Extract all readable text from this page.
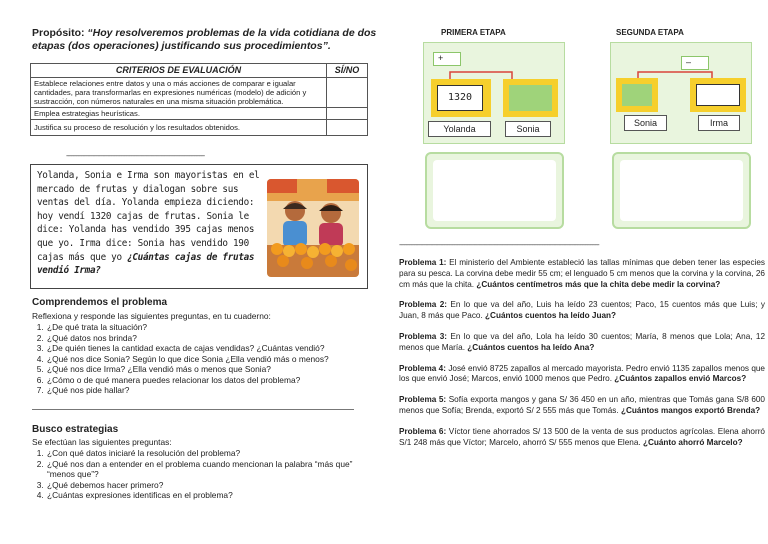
Propósito: “Hoy resolveremos problemas de la vida cotidiana de dos etapas (dos operaciones) justificando sus procedimientos”.
CRITERIOS DE EVALUACIÓN	SÍ/NO
Establece relaciones entre datos y una o más acciones de comparar e igualar cantidades, para transformarlas en expresiones numéricas (modelo) de adición y sustracción, con números naturales en una misma situación problemática.	
Emplea estrategias heurísticas.	
Justifica su proceso de resolución y los resultados obtenidos.	
-----------------------------------------------------------------------------------
Yolanda, Sonia e Irma son mayoristas en el mercado de frutas y dialogan sobre sus ventas del día. Yolanda empieza diciendo: hoy vendí 1320 cajas de frutas. Sonia le dice: Yolanda has vendido 395 cajas menos que yo. Irma dice: Sonia has vendido 190 cajas más que yo ¿Cuántas cajas de frutas vendió Irma?
Comprendemos el problema
Reflexiona y responde las siguientes preguntas, en tu cuaderno:
1. ¿De qué trata la situación?
2. ¿Qué datos nos brinda?
3. ¿De quién tienes la cantidad exacta de cajas vendidas? ¿Cuántas vendió?
4. ¿Qué nos dice Sonia? Según lo que dice Sonia ¿Ella vendió más o menos?
5. ¿Qué nos dice Irma? ¿Ella vendió más o menos que Sonia?
6. ¿Cómo o de qué manera puedes relacionar los datos del problema?
7. ¿Qué nos pide hallar?
Busco estrategias
Se efectúan las siguientes preguntas:
1. ¿Con qué datos iniciaré la resolución del problema?
2. ¿Qué nos dan a entender en el problema cuando mencionan la palabra “más que” “menos que”?
3. ¿Qué debemos hacer primero?
4. ¿Cuántas expresiones identificas en el problema?
PRIMERA ETAPA	SEGUNDA ETAPA
+
1320
Yolanda	Sonia
–
Sonia	Irma
------------------------------------------------------------------------------------------------------------------------

Problema 1: El ministerio del Ambiente estableció las tallas mínimas que deben tener las especies para su pesca. La corvina debe medir 55 cm; el lenguado 5 cm menos que la corvina y la corvina, 26 cm más que la chita. ¿Cuántos centímetros más que la chita debe medir la corvina?

Problema 2: En lo que va del año, Luis ha leído 23 cuentos; Paco, 15 cuentos más que Luis; y Juan, 8 más que Paco. ¿Cuántos cuentos ha leído Juan?

Problema 3: En lo que va del año, Lola ha leído 30 cuentos; María, 8 menos que Lola; Ana, 12 menos que María. ¿Cuántos cuentos ha leído Ana?

Problema 4: José envió 8725 zapallos al mercado mayorista. Pedro envió 1135 zapallos menos que los que envió José; Marcos, envió 1000 menos que Pedro. ¿Cuántos zapallos envió Marcos?

Problema 5: Sofía exporta mangos y gana S/ 36 450 en un año, mientras que Tomás gana S/8 600 menos que Sofía; Brenda, exportó S/ 2 555 más que Tomás. ¿Cuántos mangos exportó Brenda?

Problema 6: Víctor tiene ahorrados S/ 13 500 de la venta de sus productos agrícolas. Elena ahorró S/1 248 más que Víctor; Marcelo, ahorró S/ 555 menos que Elena. ¿Cuánto ahorró Marcelo?
